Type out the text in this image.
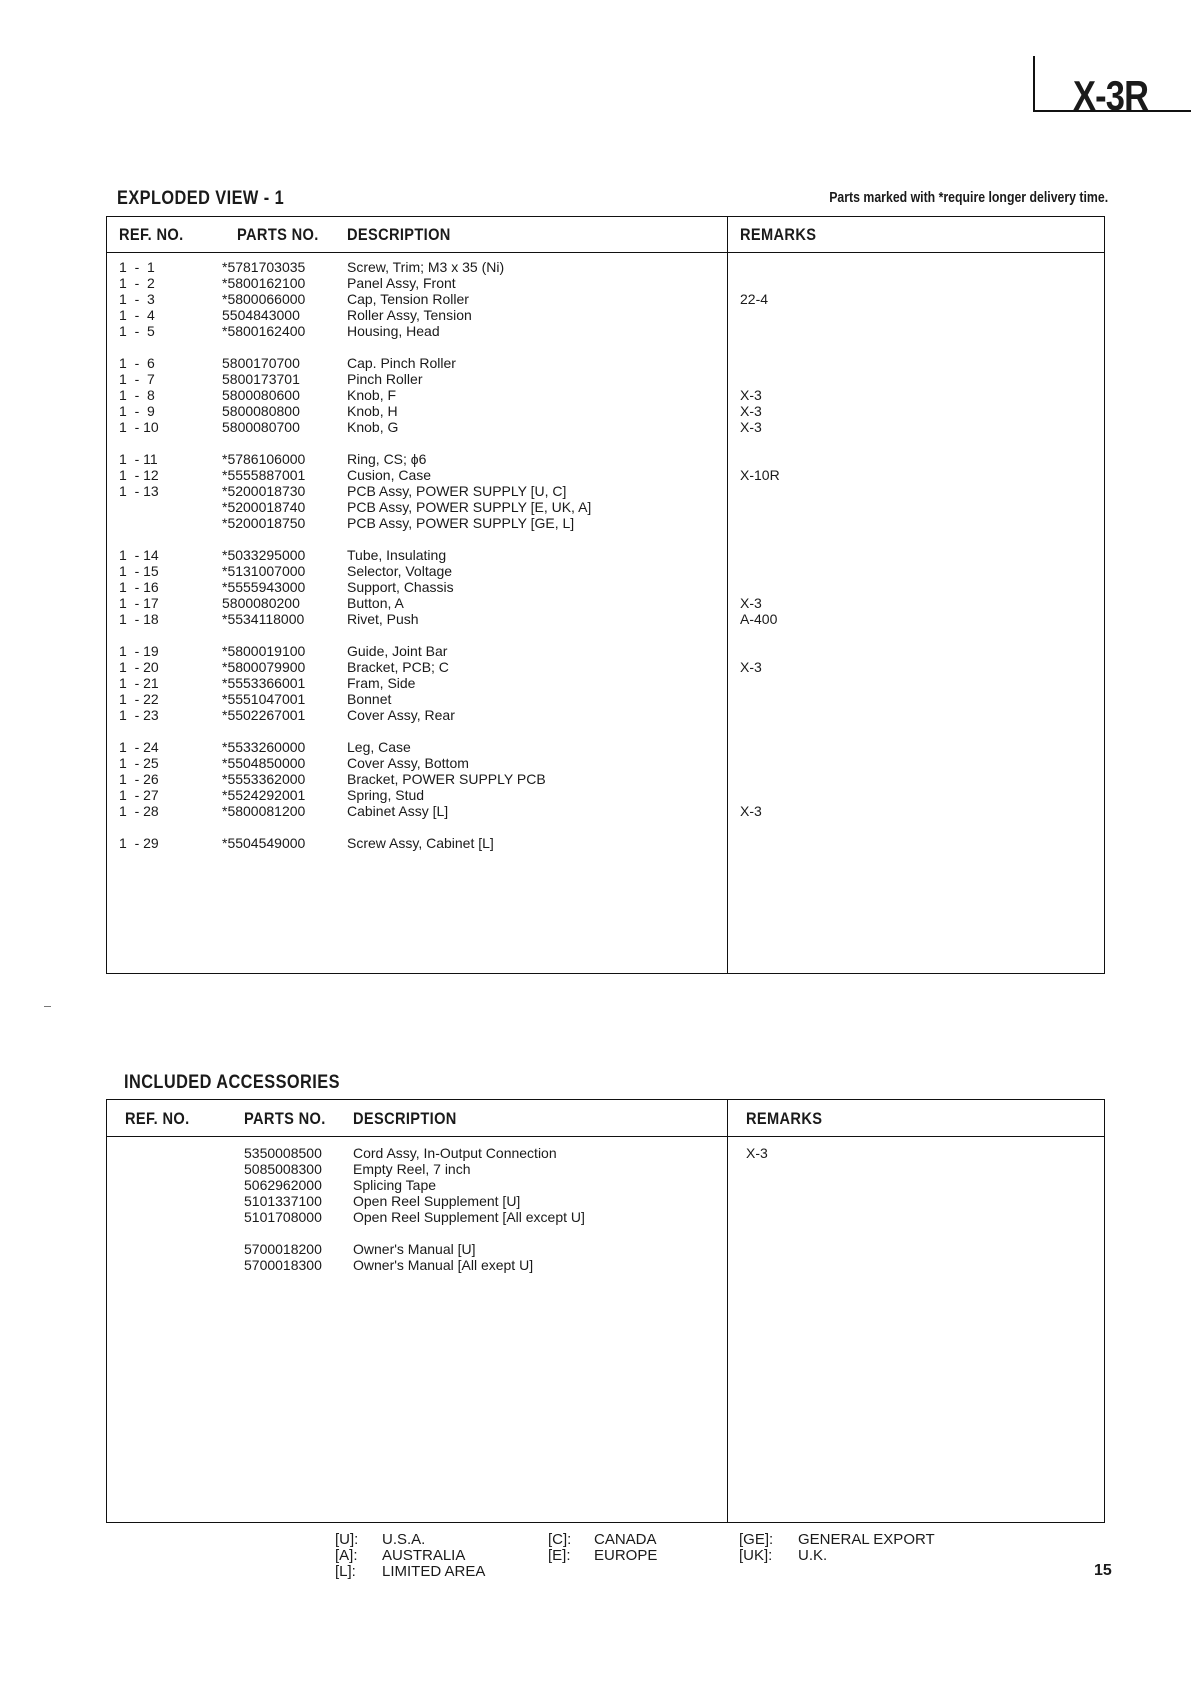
X-3R
EXPLODED VIEW - 1	Parts marked with *require longer delivery time.
REF. NO.	PARTS NO. DESCRIPTION	REMARKS
1  -  1	*5781703035	Screw, Trim; M3 x 35 (Ni)
1  -  2	*5800162100	Panel Assy, Front
1  -  3	*5800066000	Cap, Tension Roller	22-4
1  -  4	5504843000	Roller Assy, Tension
1  -  5	*5800162400	Housing, Head
1  -  6	5800170700	Cap. Pinch Roller
1  -  7	5800173701	Pinch Roller
1  -  8	5800080600	Knob, F	X-3
1  -  9	5800080800	Knob, H	X-3
1  - 10	5800080700	Knob, G	X-3
1  - 11	*5786106000	Ring, CS; ϕ6
1  - 12	*5555887001	Cusion, Case	X-10R
1  - 13	*5200018730	PCB Assy, POWER SUPPLY [U, C]
*5200018740	PCB Assy, POWER SUPPLY [E, UK, A]
*5200018750	PCB Assy, POWER SUPPLY [GE, L]
1  - 14	*5033295000	Tube, Insulating
1  - 15	*5131007000	Selector, Voltage
1  - 16	*5555943000	Support, Chassis
1  - 17	5800080200	Button, A	X-3
1  - 18	*5534118000	Rivet, Push	A-400
1  - 19	*5800019100	Guide, Joint Bar
1  - 20	*5800079900	Bracket, PCB; C	X-3
1  - 21	*5553366001	Fram, Side
1  - 22	*5551047001	Bonnet
1  - 23	*5502267001	Cover Assy, Rear
1  - 24	*5533260000	Leg, Case
1  - 25	*5504850000	Cover Assy, Bottom
1  - 26	*5553362000	Bracket, POWER SUPPLY PCB
1  - 27	*5524292001	Spring, Stud
1  - 28	*5800081200	Cabinet Assy [L]	X-3
1  - 29	*5504549000	Screw Assy, Cabinet [L]
INCLUDED ACCESSORIES
REF. NO.	PARTS NO. DESCRIPTION	REMARKS
5350008500 Cord Assy, In-Output Connection	X-3
5085008300 Empty Reel, 7 inch
5062962000 Splicing Tape
5101337100 Open Reel Supplement [U]
5101708000 Open Reel Supplement [All except U]
5700018200 Owner's Manual [U]
5700018300 Owner's Manual [All exept U]
[U]: U.S.A.
[A]: AUSTRALIA
[L]: LIMITED AREA
[C]: CANADA
[E]: EUROPE
[GE]: GENERAL EXPORT
[UK]: U.K.
15
